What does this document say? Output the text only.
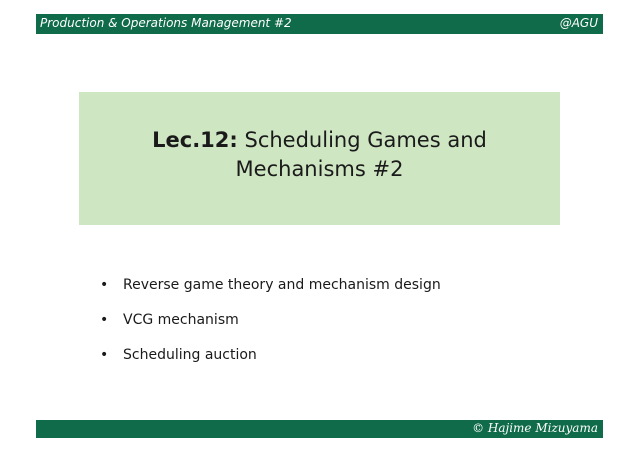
Production & Operations Management #2	@AGU
Lec.12: Scheduling Games and
Mechanisms #2
• Reverse game theory and mechanism design
• VCG mechanism
• Scheduling auction
© Hajime Mizuyama
